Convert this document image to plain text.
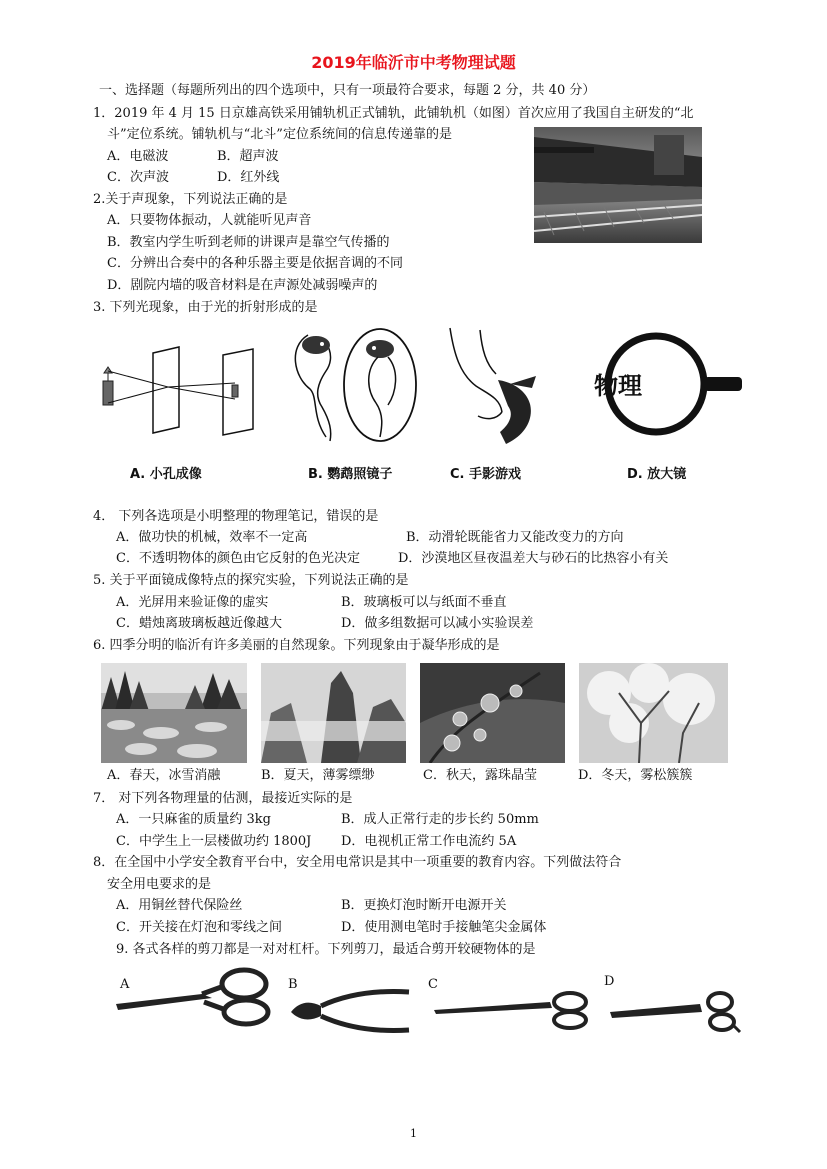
2019年临沂市中考物理试题
一、选择题（每题所列出的四个选项中，只有一项最符合要求，每题 2 分，共 40 分）
1．2019 年 4 月 15 日京雄高铁采用铺轨机正式铺轨，此铺轨机（如图）首次应用了我国自主研发的“北
斗”定位系统。铺轨机与“北斗”定位系统间的信息传递靠的是
A．电磁波	B．超声波
C．次声波	D．红外线
2.关于声现象，下列说法正确的是
A．只要物体振动，人就能听见声音
B．教室内学生听到老师的讲课声是靠空气传播的
C．分辨出合奏中的各种乐器主要是依据音调的不同
D．剧院内墙的吸音材料是在声源处减弱噪声的
3. 下列光现象，由于光的折射形成的是
物理
A. 小孔成像	B. 鹦鹉照镜子	C. 手影游戏	D. 放大镜
4． 下列各选项是小明整理的物理笔记，错误的是
A．做功快的机械，效率不一定高	B．动滑轮既能省力又能改变力的方向
C．不透明物体的颜色由它反射的色光决定	D．沙漠地区昼夜温差大与砂石的比热容小有关
5. 关于平面镜成像特点的探究实验，下列说法正确的是
A．光屏用来验证像的虚实	B．玻璃板可以与纸面不垂直
C．蜡烛离玻璃板越近像越大	D．做多组数据可以减小实验误差
6. 四季分明的临沂有许多美丽的自然现象。下列现象由于凝华形成的是
A．春天，冰雪消融	B．夏天，薄雾缥缈	C．秋天，露珠晶莹	D．冬天，雾松簇簇
7． 对下列各物理量的估测，最接近实际的是
A．一只麻雀的质量约 3kg	B．成人正常行走的步长约 50mm
C．中学生上一层楼做功约 1800J D．电视机正常工作电流约 5A
8．在全国中小学安全教育平台中，安全用电常识是其中一项重要的教育内容。下列做法符合
安全用电要求的是
A．用铜丝替代保险丝	B．更换灯泡时断开电源开关
C．开关接在灯泡和零线之间	D．使用测电笔时手接触笔尖金属体
9. 各式各样的剪刀都是一对对杠杆。下列剪刀，最适合剪开较硬物体的是
A	B	C	D
1
